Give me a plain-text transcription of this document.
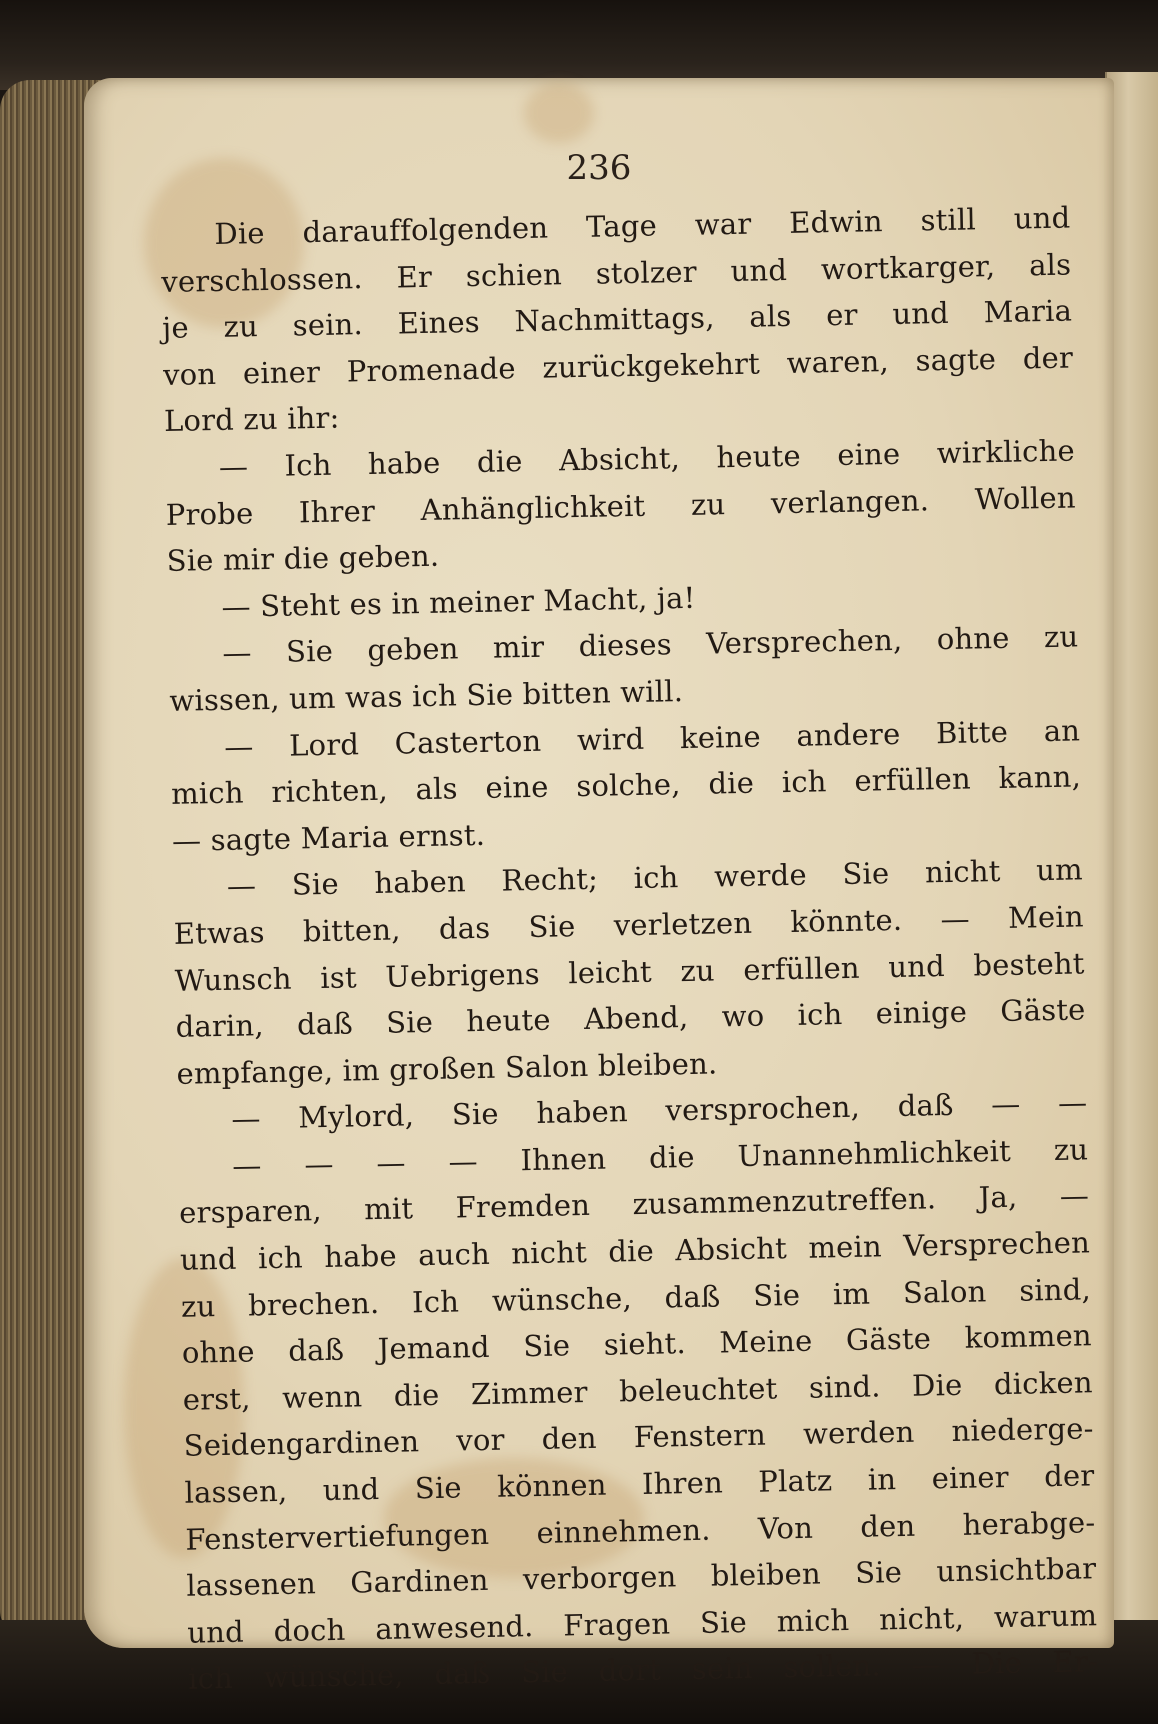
236
Die darauffolgenden Tage war Edwin still und
verschlossen. Er schien stolzer und wortkarger, als
je zu sein. Eines Nachmittags, als er und Maria
von einer Promenade zurückgekehrt waren, sagte der
Lord zu ihr:
— Ich habe die Absicht, heute eine wirkliche
Probe Ihrer Anhänglichkeit zu verlangen. Wollen
Sie mir die geben.
— Steht es in meiner Macht, ja!
— Sie geben mir dieses Versprechen, ohne zu
wissen, um was ich Sie bitten will.
— Lord Casterton wird keine andere Bitte an
mich richten, als eine solche, die ich erfüllen kann,
— sagte Maria ernst.
— Sie haben Recht; ich werde Sie nicht um
Etwas bitten, das Sie verletzen könnte. — Mein
Wunsch ist Uebrigens leicht zu erfüllen und besteht
darin, daß Sie heute Abend, wo ich einige Gäste
empfange, im großen Salon bleiben.
— Mylord, Sie haben versprochen, daß — —
— — — — Ihnen die Unannehmlichkeit zu
ersparen, mit Fremden zusammenzutreffen. Ja, —
und ich habe auch nicht die Absicht mein Versprechen
zu brechen. Ich wünsche, daß Sie im Salon sind,
ohne daß Jemand Sie sieht. Meine Gäste kommen
erst, wenn die Zimmer beleuchtet sind. Die dicken
Seidengardinen vor den Fenstern werden niederge-
lassen, und Sie können Ihren Platz in einer der
Fenstervertiefungen einnehmen. Von den herabge-
lassenen Gardinen verborgen bleiben Sie unsichtbar
und doch anwesend. Fragen Sie mich nicht, warum
ich wünsche, daß Sie dort sein sollen. — Die Er-
